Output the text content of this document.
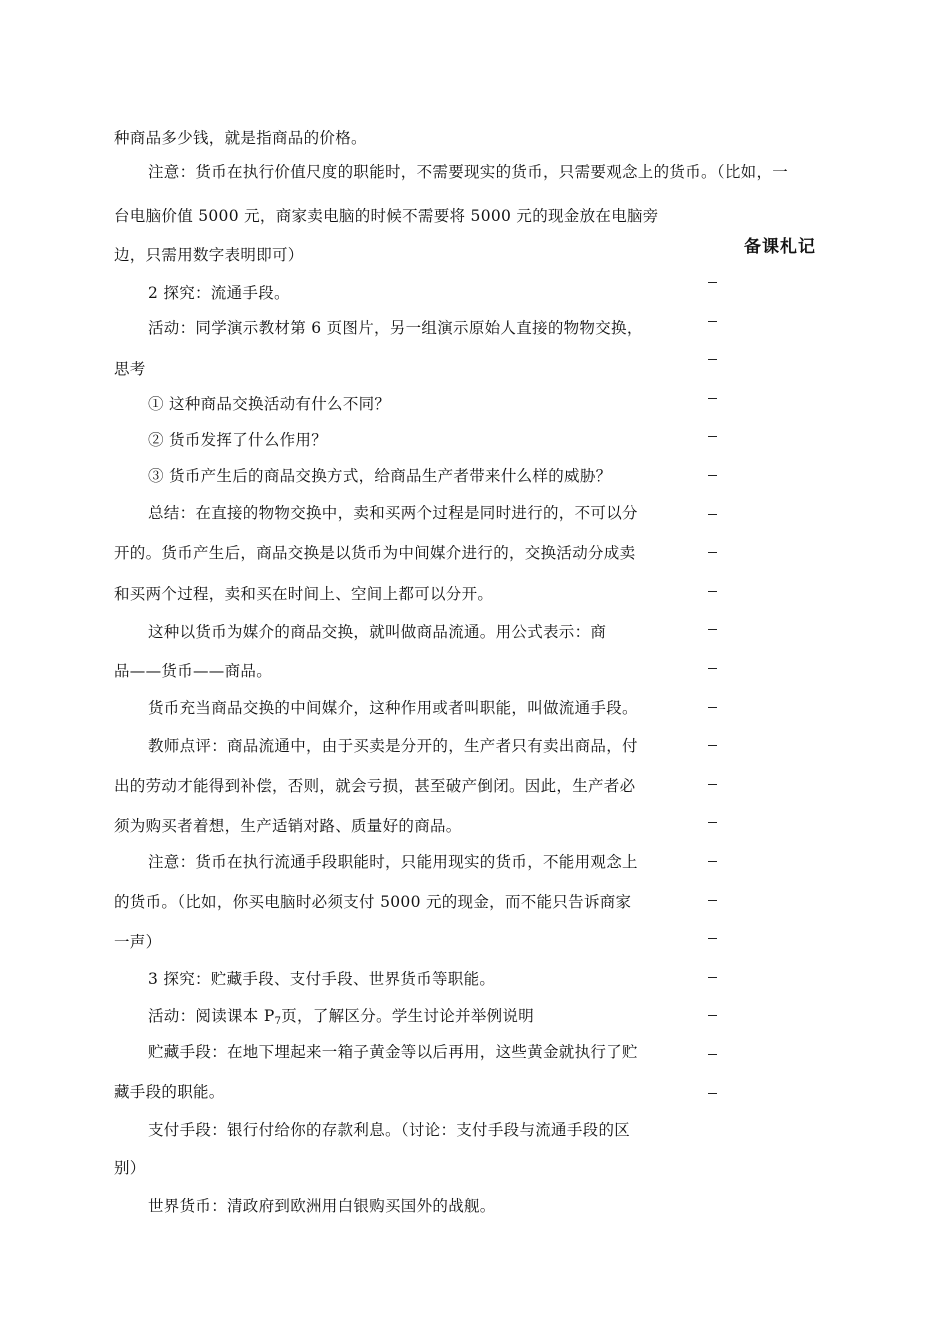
种商品多少钱，就是指商品的价格。
注意：货币在执行价值尺度的职能时，不需要现实的货币，只需要观念上的货币。（比如，一
台电脑价值 5000 元，商家卖电脑的时候不需要将 5000 元的现金放在电脑旁
边，只需用数字表明即可）
2 探究：流通手段。
活动：同学演示教材第 6 页图片，另一组演示原始人直接的物物交换，
思考
① 这种商品交换活动有什么不同？
② 货币发挥了什么作用？
③ 货币产生后的商品交换方式，给商品生产者带来什么样的威胁？
总结：在直接的物物交换中，卖和买两个过程是同时进行的，不可以分
开的。货币产生后，商品交换是以货币为中间媒介进行的，交换活动分成卖
和买两个过程，卖和买在时间上、空间上都可以分开。
这种以货币为媒介的商品交换，就叫做商品流通。用公式表示：商
品——货币——商品。
货币充当商品交换的中间媒介，这种作用或者叫职能，叫做流通手段。
教师点评：商品流通中，由于买卖是分开的，生产者只有卖出商品，付
出的劳动才能得到补偿，否则，就会亏损，甚至破产倒闭。因此，生产者必
须为购买者着想，生产适销对路、质量好的商品。
注意：货币在执行流通手段职能时，只能用现实的货币，不能用观念上
的货币。（比如，你买电脑时必须支付 5000 元的现金，而不能只告诉商家
一声）
3 探究：贮藏手段、支付手段、世界货币等职能。
活动：阅读课本 $P_7$页，了解区分。学生讨论并举例说明
贮藏手段：在地下埋起来一箱子黄金等以后再用，这些黄金就执行了贮
藏手段的职能。
支付手段：银行付给你的存款利息。（讨论：支付手段与流通手段的区
别）
世界货币：清政府到欧洲用白银购买国外的战舰。
备课札记
